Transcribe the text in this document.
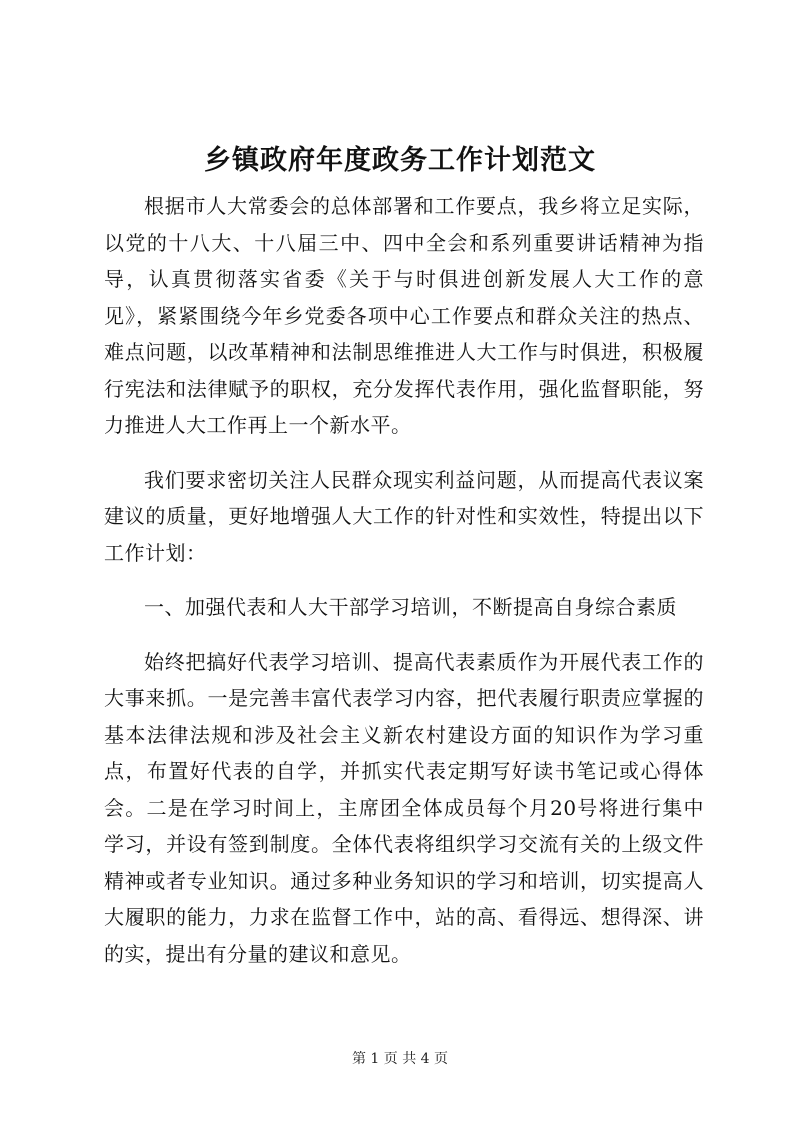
乡镇政府年度政务工作计划范文

根据市人大常委会的总体部署和工作要点，我乡将立足实际，以党的十八大、十八届三中、四中全会和系列重要讲话精神为指导，认真贯彻落实省委《关于与时俱进创新发展人大工作的意见》，紧紧围绕今年乡党委各项中心工作要点和群众关注的热点、难点问题，以改革精神和法制思维推进人大工作与时俱进，积极履行宪法和法律赋予的职权，充分发挥代表作用，强化监督职能，努力推进人大工作再上一个新水平。

我们要求密切关注人民群众现实利益问题，从而提高代表议案建议的质量，更好地增强人大工作的针对性和实效性，特提出以下工作计划：

一、加强代表和人大干部学习培训，不断提高自身综合素质

始终把搞好代表学习培训、提高代表素质作为开展代表工作的大事来抓。一是完善丰富代表学习内容，把代表履行职责应掌握的基本法律法规和涉及社会主义新农村建设方面的知识作为学习重点，布置好代表的自学，并抓实代表定期写好读书笔记或心得体会。二是在学习时间上，主席团全体成员每个月20号将进行集中学习，并设有签到制度。全体代表将组织学习交流有关的上级文件精神或者专业知识。通过多种业务知识的学习和培训，切实提高人大履职的能力，力求在监督工作中，站的高、看得远、想得深、讲的实，提出有分量的建议和意见。

第 1 页 共 4 页
